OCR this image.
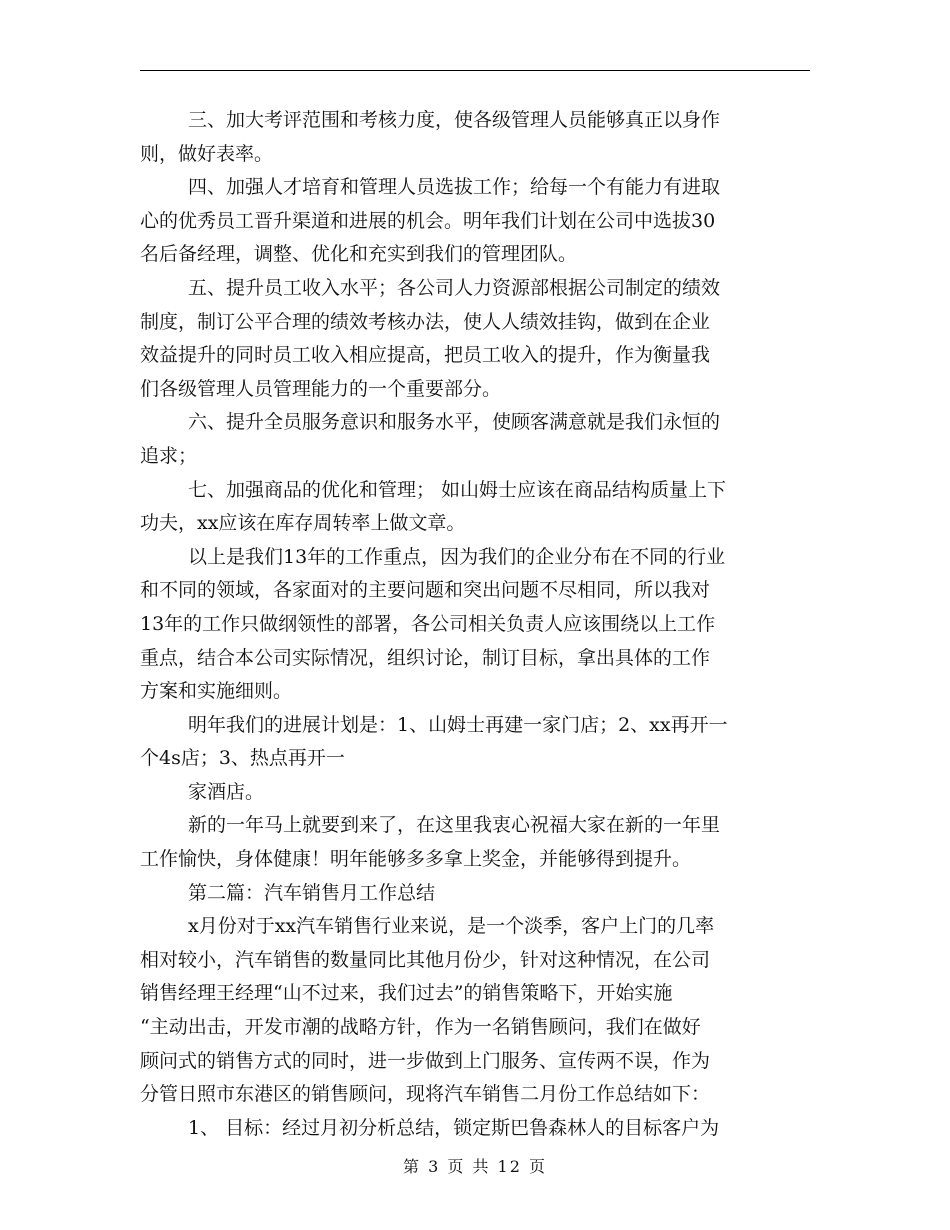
三、加大考评范围和考核力度，使各级管理人员能够真正以身作
则，做好表率。
四、加强人才培育和管理人员选拔工作；给每一个有能力有进取
心的优秀员工晋升渠道和进展的机会。明年我们计划在公司中选拔30
名后备经理，调整、优化和充实到我们的管理团队。
五、提升员工收入水平；各公司人力资源部根据公司制定的绩效
制度，制订公平合理的绩效考核办法，使人人绩效挂钩，做到在企业
效益提升的同时员工收入相应提高，把员工收入的提升，作为衡量我
们各级管理人员管理能力的一个重要部分。
六、提升全员服务意识和服务水平，使顾客满意就是我们永恒的
追求；
七、加强商品的优化和管理； 如山姆士应该在商品结构质量上下
功夫，xx应该在库存周转率上做文章。
以上是我们13年的工作重点，因为我们的企业分布在不同的行业
和不同的领域，各家面对的主要问题和突出问题不尽相同，所以我对
13年的工作只做纲领性的部署，各公司相关负责人应该围绕以上工作
重点，结合本公司实际情况，组织讨论，制订目标，拿出具体的工作
方案和实施细则。
明年我们的进展计划是：1、山姆士再建一家门店；2、xx再开一
个4s店；3、热点再开一
家酒店。
新的一年马上就要到来了，在这里我衷心祝福大家在新的一年里
工作愉快，身体健康！明年能够多多拿上奖金，并能够得到提升。
第二篇：汽车销售月工作总结
x月份对于xx汽车销售行业来说，是一个淡季，客户上门的几率
相对较小，汽车销售的数量同比其他月份少，针对这种情况，在公司
销售经理王经理“山不过来，我们过去”的销售策略下，开始实施
“主动出击，开发市潮的战略方针，作为一名销售顾问，我们在做好
顾问式的销售方式的同时，进一步做到上门服务、宣传两不误，作为
分管日照市东港区的销售顾问，现将汽车销售二月份工作总结如下：
1、 目标：经过月初分析总结，锁定斯巴鲁森林人的目标客户为
第 3 页 共 12 页
